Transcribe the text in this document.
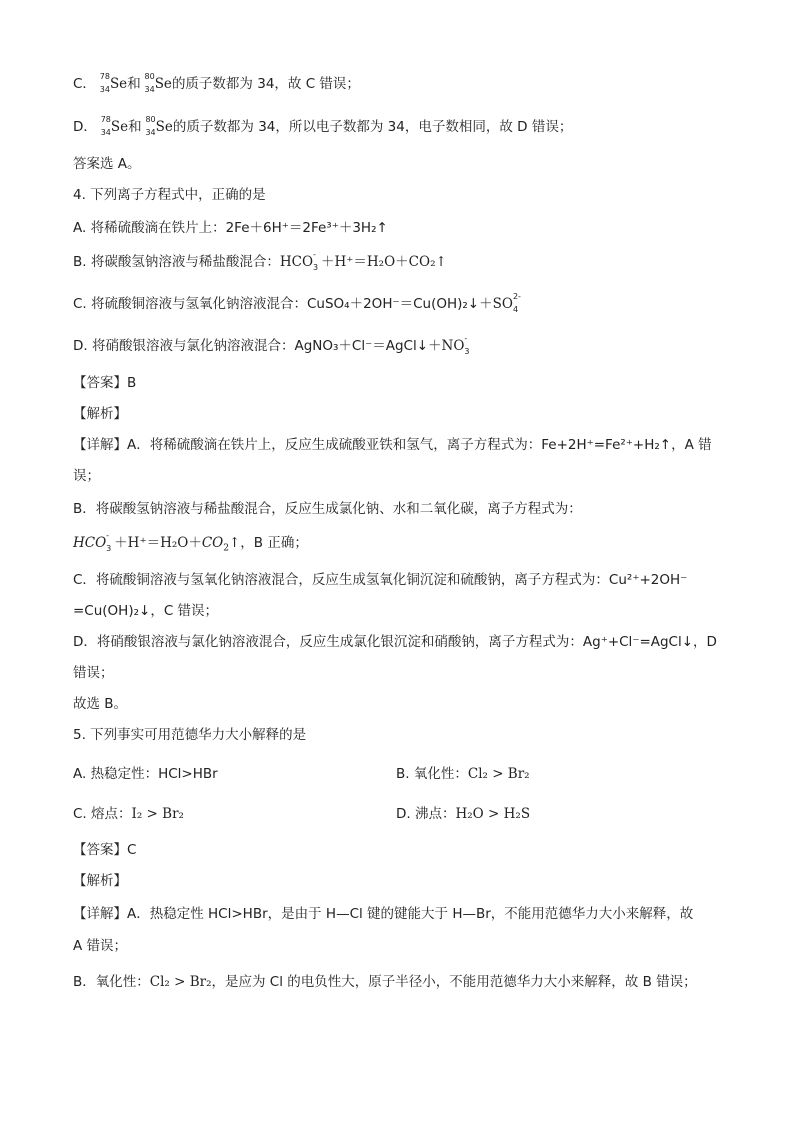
C． 78
34 Se和 80
34 Se的质子数都为 34，故 C 错误；
D． 78
34 Se和 80
34 Se的质子数都为 34，所以电子数都为 34，电子数相同，故 D 错误；
答案选 A。
4. 下列离子方程式中，正确的是
A. 将稀硫酸滴在铁片上：2Fe＋6H⁺＝2Fe³⁺＋3H₂↑
B. 将碳酸氢钠溶液与稀盐酸混合：HCO -
3 ＋H⁺＝H₂O＋CO₂↑
C. 将硫酸铜溶液与氢氧化钠溶液混合：CuSO₄＋2OH⁻＝Cu(OH)₂↓＋SO 2-
4
D. 将硝酸银溶液与氯化钠溶液混合：AgNO₃＋Cl⁻＝AgCl↓＋NO -
3
【答案】B
【解析】
【详解】A．将稀硫酸滴在铁片上，反应生成硫酸亚铁和氢气，离子方程式为：Fe+2H⁺=Fe²⁺+H₂↑，A 错
误；
B．将碳酸氢钠溶液与稀盐酸混合，反应生成氯化钠、水和二氧化碳，离子方程式为：
HCO -
$3 +H^+=H_2O+CO_2↑$，B 正确；
C．将硫酸铜溶液与氢氧化钠溶液混合，反应生成氢氧化铜沉淀和硫酸钠，离子方程式为：Cu²⁺+2OH⁻
=Cu(OH)₂↓，C 错误；
D．将硝酸银溶液与氯化钠溶液混合，反应生成氯化银沉淀和硝酸钠，离子方程式为：Ag⁺+Cl⁻=AgCl↓，D
错误；
故选 B。
5. 下列事实可用范德华力大小解释的是
A. 热稳定性：HCl>HBr	B. 氧化性：Cl₂ > Br₂
C. 熔点：I₂ > Br₂	D. 沸点：H₂O > H₂S
【答案】C
【解析】
【详解】A．热稳定性 HCl>HBr，是由于 H—Cl 键的键能大于 H—Br，不能用范德华力大小来解释，故
A 错误；
B．氧化性：Cl₂ > Br₂，是应为 Cl 的电负性大，原子半径小，不能用范德华力大小来解释，故 B 错误；
